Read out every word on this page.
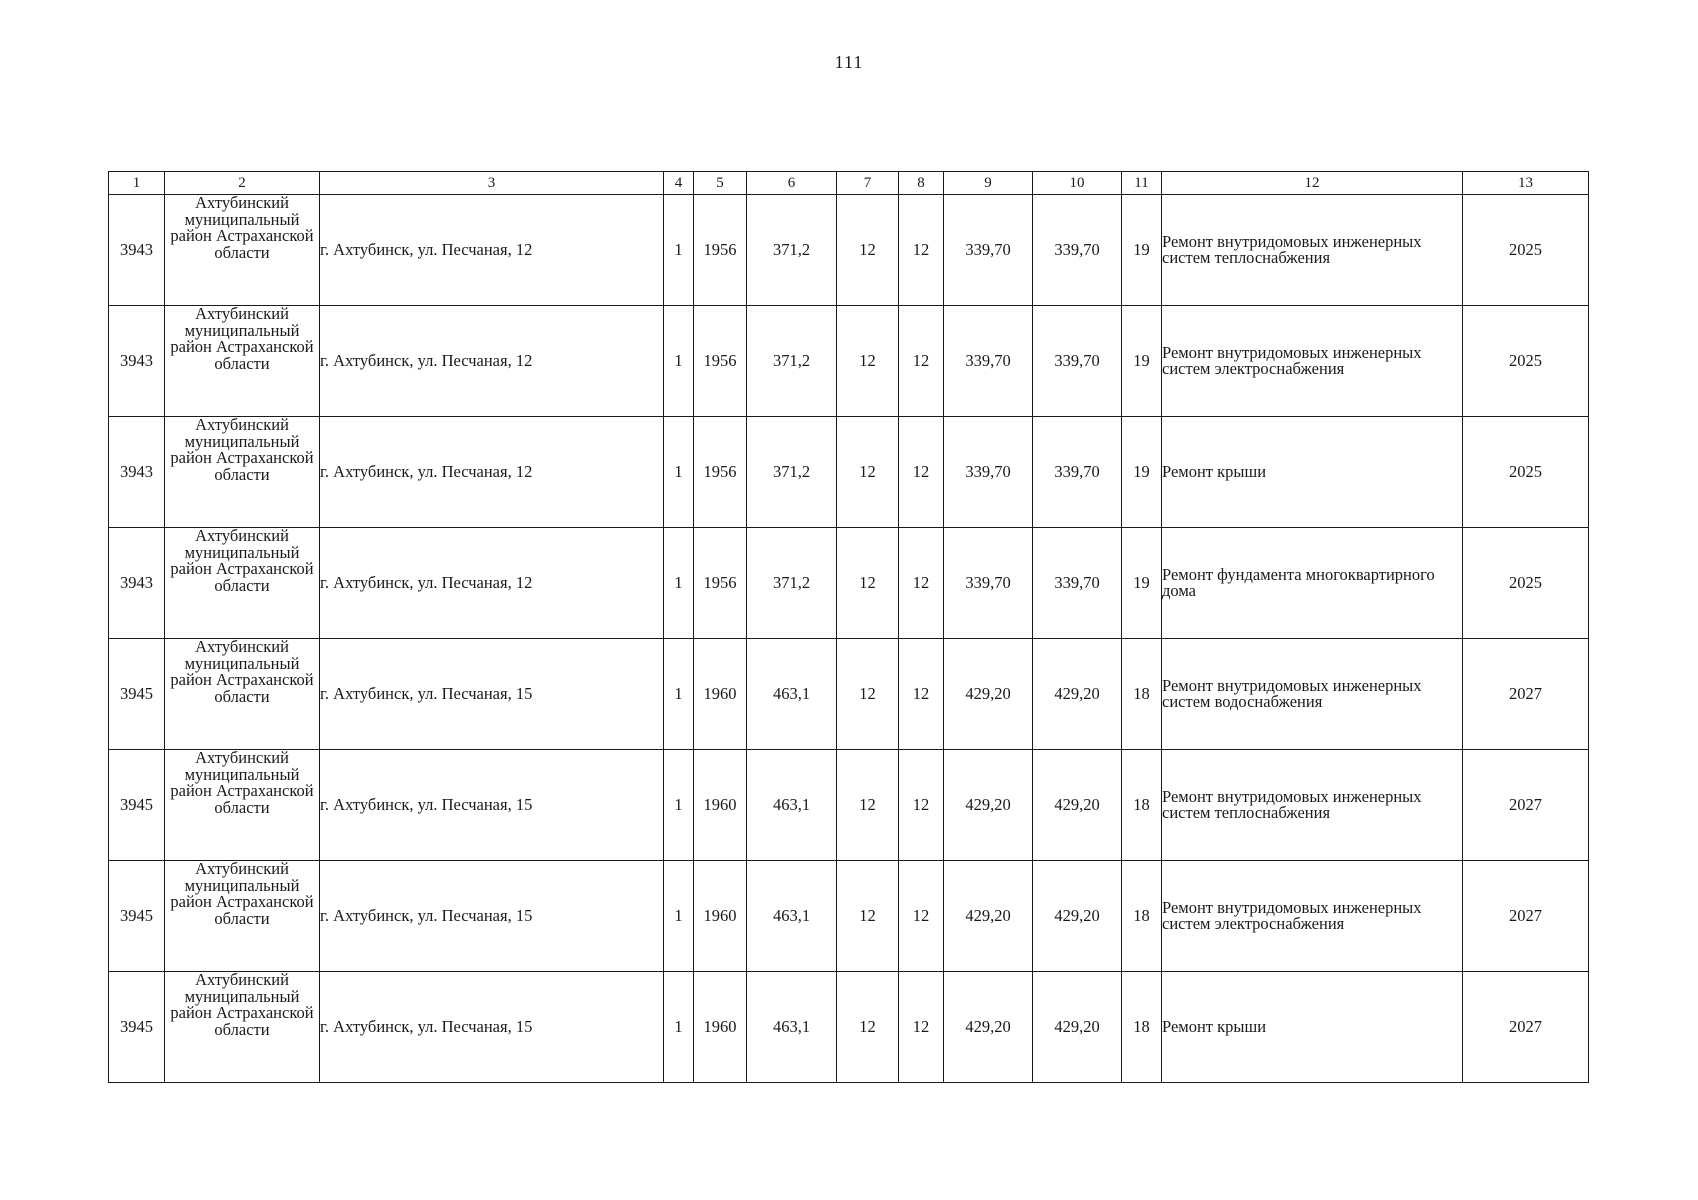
111
1	2	3	4	5	6	7	8	9	10	11	12	13
3943	Ахтубинский муниципальный район Астраханской области	г. Ахтубинск, ул. Песчаная, 12	1	1956	371,2	12	12	339,70	339,70	19	Ремонт внутридомовых инженерных систем теплоснабжения	2025
3943	Ахтубинский муниципальный район Астраханской области	г. Ахтубинск, ул. Песчаная, 12	1	1956	371,2	12	12	339,70	339,70	19	Ремонт внутридомовых инженерных систем электроснабжения	2025
3943	Ахтубинский муниципальный район Астраханской области	г. Ахтубинск, ул. Песчаная, 12	1	1956	371,2	12	12	339,70	339,70	19	Ремонт крыши	2025
3943	Ахтубинский муниципальный район Астраханской области	г. Ахтубинск, ул. Песчаная, 12	1	1956	371,2	12	12	339,70	339,70	19	Ремонт фундамента многоквартирного дома	2025
3945	Ахтубинский муниципальный район Астраханской области	г. Ахтубинск, ул. Песчаная, 15	1	1960	463,1	12	12	429,20	429,20	18	Ремонт внутридомовых инженерных систем водоснабжения	2027
3945	Ахтубинский муниципальный район Астраханской области	г. Ахтубинск, ул. Песчаная, 15	1	1960	463,1	12	12	429,20	429,20	18	Ремонт внутридомовых инженерных систем теплоснабжения	2027
3945	Ахтубинский муниципальный район Астраханской области	г. Ахтубинск, ул. Песчаная, 15	1	1960	463,1	12	12	429,20	429,20	18	Ремонт внутридомовых инженерных систем электроснабжения	2027
3945	Ахтубинский муниципальный район Астраханской области	г. Ахтубинск, ул. Песчаная, 15	1	1960	463,1	12	12	429,20	429,20	18	Ремонт крыши	2027
